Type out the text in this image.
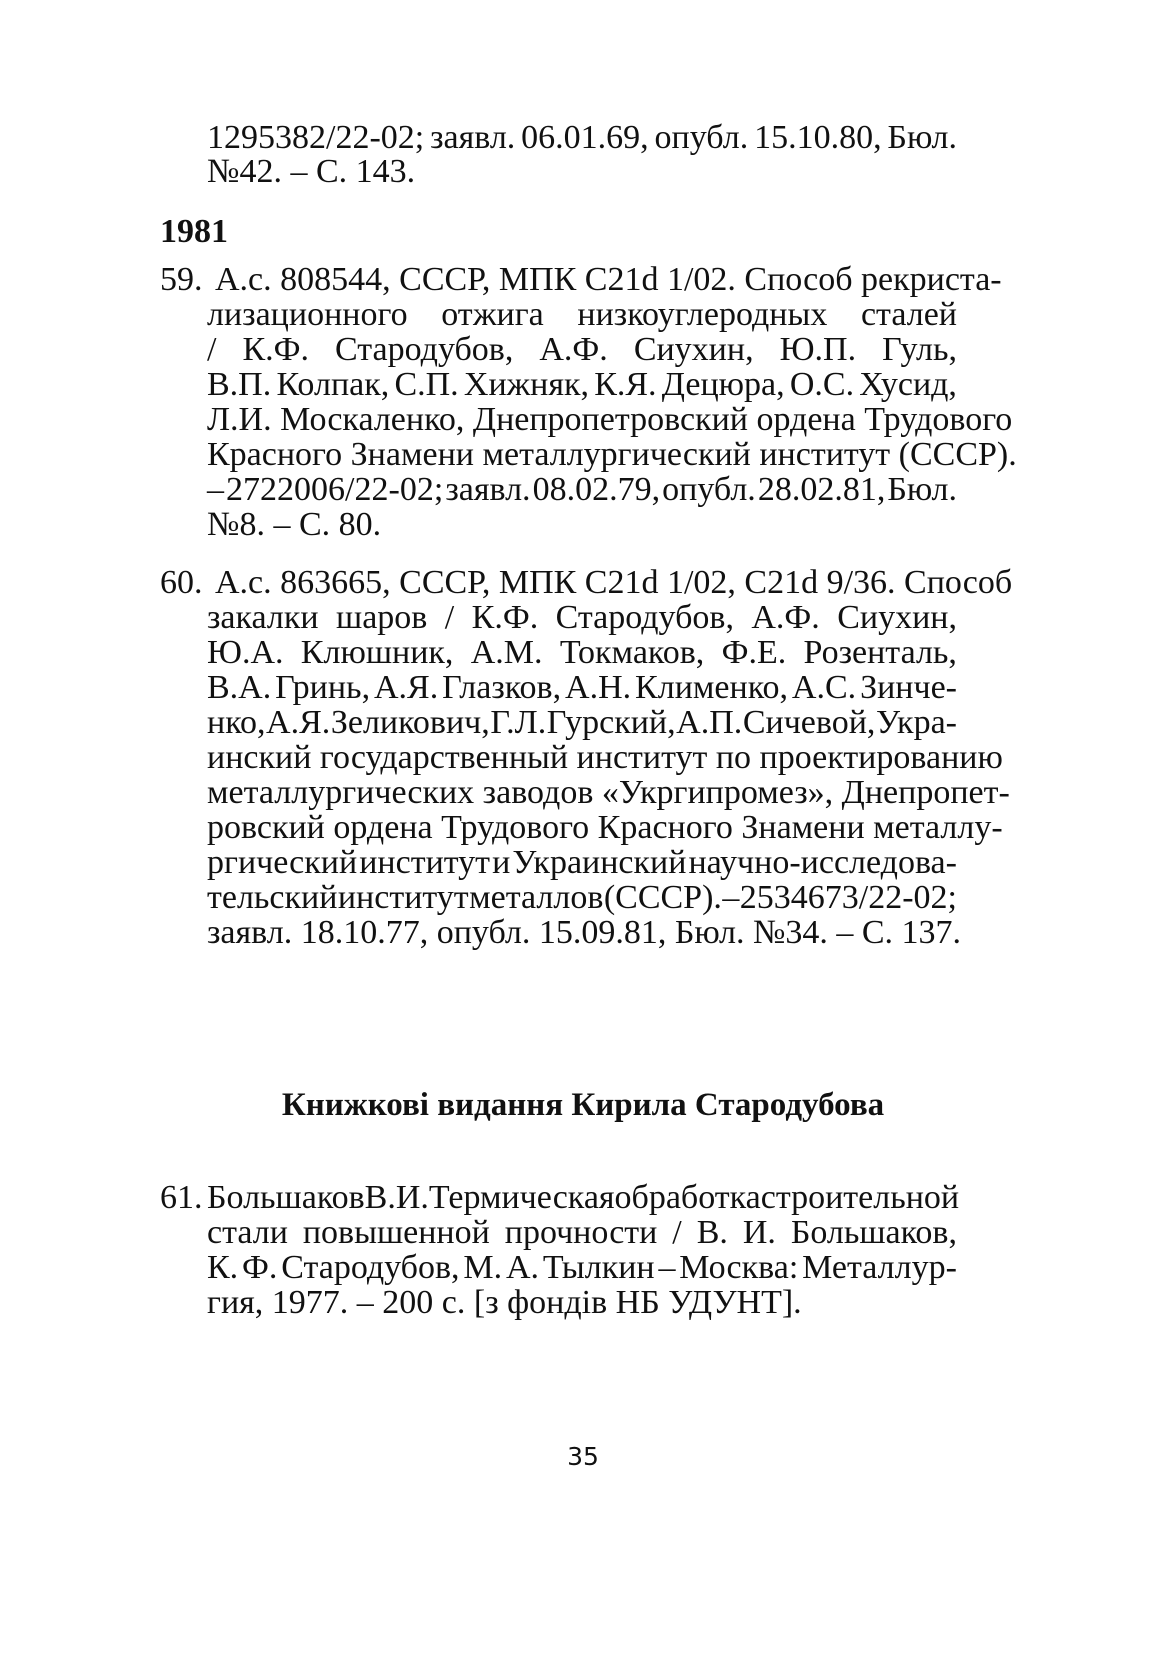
1295382/22-02; заявл. 06.01.69, опубл. 15.10.80, Бюл.
№42. – С. 143.
1981
59. А.с. 808544, СССР, МПК С21d 1/02. Способ рекриста-
лизационного отжига низкоуглеродных сталей
/ К.Ф. Стародубов, А.Ф. Сиухин, Ю.П. Гуль,
В.П. Колпак, С.П. Хижняк, К.Я. Децюра, О.С. Хусид,
Л.И. Москаленко, Днепропетровский ордена Трудового
Красного Знамени металлургический институт (СССР).
– 2722006/22-02; заявл. 08.02.79, опубл. 28.02.81, Бюл.
№8. – С. 80.
60. А.с. 863665, СССР, МПК С21d 1/02, С21d 9/36. Способ
закалки шаров / К.Ф. Стародубов, А.Ф. Сиухин,
Ю.А. Клюшник, А.М. Токмаков, Ф.Е. Розенталь,
В.А. Гринь, А.Я. Глазков, А.Н. Клименко, А.С. Зинче-
нко, А.Я. Зеликович, Г.Л. Гурский, А.П. Сичевой, Укра-
инский государственный институт по проектированию
металлургических заводов «Укргипромез», Днепропет-
ровский ордена Трудового Красного Знамени металлу-
ргический институт и Украинский научно-исследова-
тельский институт металлов (СССР). – 2534673/22-02;
заявл. 18.10.77, опубл. 15.09.81, Бюл. №34. – С. 137.
Книжкові видання Кирила Стародубова
61. Большаков В. И. Термическая обработка строительной
стали повышенной прочности / В. И. Большаков,
К. Ф. Стародубов, М. А. Тылкин – Москва: Металлур-
гия, 1977. – 200 с. [з фондів НБ УДУНТ].
35
